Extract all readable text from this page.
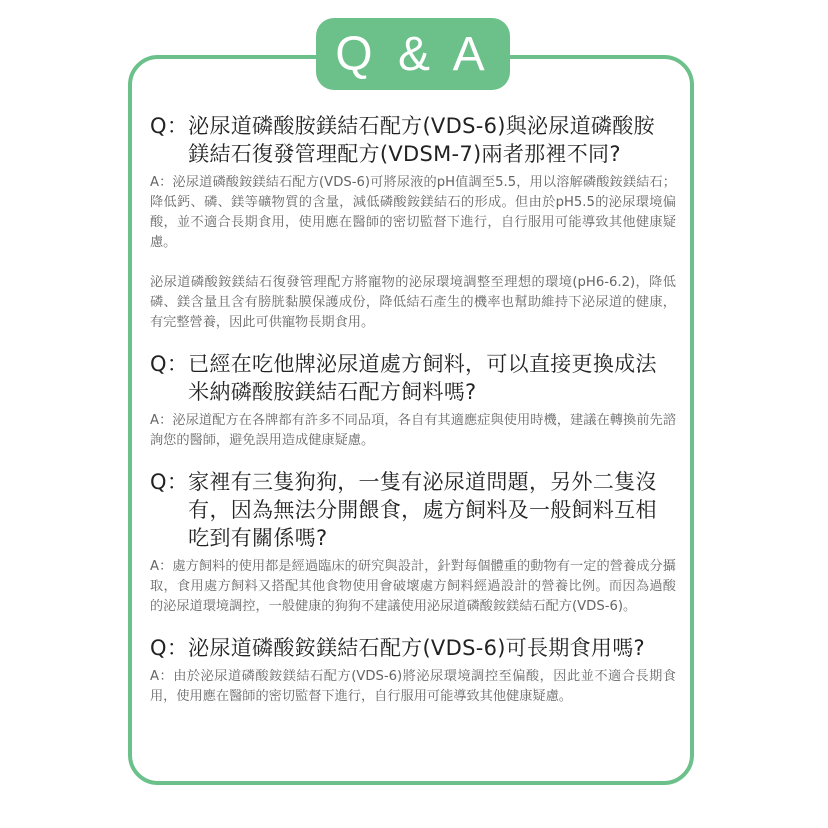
Q & A
Q： 泌尿道磷酸胺鎂結石配方(VDS-6)與泌尿道磷酸胺鎂結石復發管理配方(VDSM-7)兩者那裡不同?

A：泌尿道磷酸銨鎂結石配方(VDS-6)可將尿液的pH值調至5.5，用以溶解磷酸銨鎂結石；降低鈣、磷、鎂等礦物質的含量，減低磷酸銨鎂結石的形成。但由於pH5.5的泌尿環境偏酸，並不適合長期食用，使用應在醫師的密切監督下進行，自行服用可能導致其他健康疑慮。

泌尿道磷酸銨鎂結石復發管理配方將寵物的泌尿環境調整至理想的環境(pH6-6.2)，降低磷、鎂含量且含有膀胱黏膜保護成份，降低結石產生的機率也幫助維持下泌尿道的健康，有完整營養，因此可供寵物長期食用。

Q： 已經在吃他牌泌尿道處方飼料，可以直接更換成法米納磷酸胺鎂結石配方飼料嗎?

A：泌尿道配方在各牌都有許多不同品項，各自有其適應症與使用時機，建議在轉換前先諮詢您的醫師，避免誤用造成健康疑慮。

Q： 家裡有三隻狗狗，一隻有泌尿道問題，另外二隻沒有，因為無法分開餵食，處方飼料及一般飼料互相吃到有關係嗎?

A：處方飼料的使用都是經過臨床的研究與設計，針對每個體重的動物有一定的營養成分攝取，食用處方飼料又搭配其他食物使用會破壞處方飼料經過設計的營養比例。而因為過酸的泌尿道環境調控，一般健康的狗狗不建議使用泌尿道磷酸銨鎂結石配方(VDS-6)。

Q： 泌尿道磷酸銨鎂結石配方(VDS-6)可長期食用嗎?

A：由於泌尿道磷酸銨鎂結石配方(VDS-6)將泌尿環境調控至偏酸，因此並不適合長期食用，使用應在醫師的密切監督下進行，自行服用可能導致其他健康疑慮。
